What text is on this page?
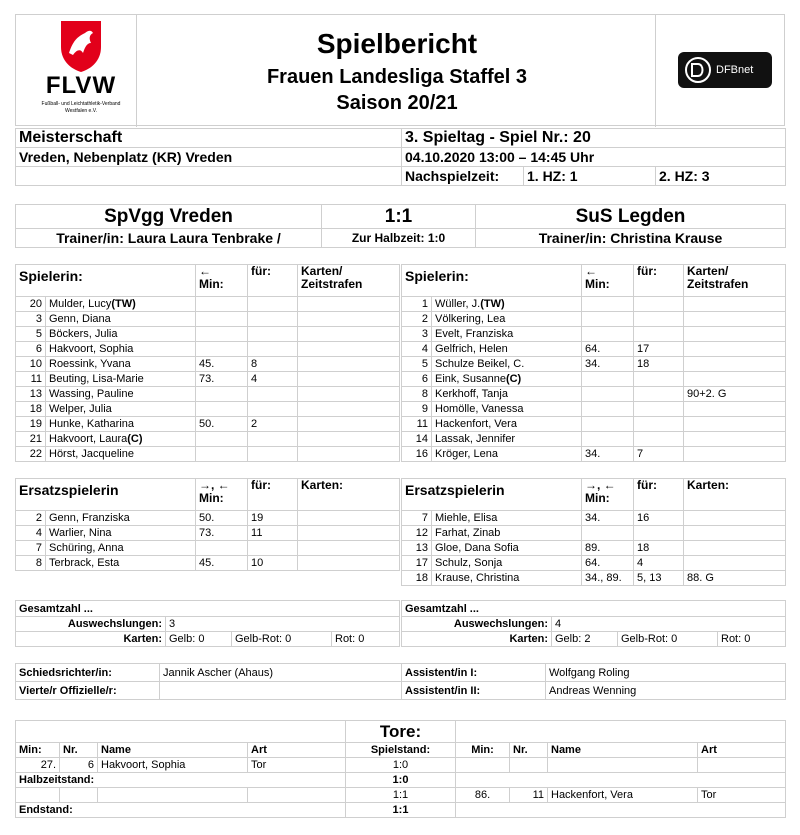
FLVW
Fußball- und Leichtathletik-Verband
Westfalen e.V.
Spielbericht
Frauen Landesliga Staffel 3
Saison 20/21
DFBnet
Meisterschaft	3. Spieltag - Spiel Nr.: 20		
Vreden, Nebenplatz (KR) Vreden	04.10.2020 13:00 – 14:45 Uhr		
	Nachspielzeit:	1. HZ: 1	2. HZ: 3
SpVgg Vreden	1:1	SuS Legden
Trainer/in: Laura Laura Tenbrake /	Zur Halbzeit: 1:0	Trainer/in: Christina Krause
Spielerin:		←
Min:	für:	Karten/
Zeitstrafen
20	Mulder, Lucy(TW)			
3	Genn, Diana			
5	Böckers, Julia			
6	Hakvoort, Sophia			
10	Roessink, Yvana	45.	8	
11	Beuting, Lisa-Marie	73.	4	
13	Wassing, Pauline			
18	Welper, Julia			
19	Hunke, Katharina	50.	2	
21	Hakvoort, Laura(C)			
22	Hörst, Jacqueline			
Spielerin:		←
Min:	für:	Karten/
Zeitstrafen
1	Wüller, J.(TW)			
2	Völkering, Lea			
3	Evelt, Franziska			
4	Gelfrich, Helen	64.	17	
5	Schulze Beikel, C.	34.	18	
6	Eink, Susanne(C)			
8	Kerkhoff, Tanja			90+2. G
9	Homölle, Vanessa			
11	Hackenfort, Vera			
14	Lassak, Jennifer			
16	Kröger, Lena	34.	7	
Ersatzspielerin		→, ←
Min:	für:	Karten:
2	Genn, Franziska	50.	19	
4	Warlier, Nina	73.	11	
7	Schüring, Anna			
8	Terbrack, Esta	45.	10	
Ersatzspielerin		→, ←
Min:	für:	Karten:
7	Miehle, Elisa	34.	16	
12	Farhat, Zinab			
13	Gloe, Dana Sofia	89.	18	
17	Schulz, Sonja	64.	4	
18	Krause, Christina	34., 89.	5, 13	88. G
Gesamtzahl ...			
Auswechslungen:	3		
Karten:	Gelb: 0	Gelb-Rot: 0	Rot: 0
Gesamtzahl ...			
Auswechslungen:	4		
Karten:	Gelb: 2	Gelb-Rot: 0	Rot: 0
Schiedsrichter/in:	Jannik Ascher (Ahaus)	Assistent/in I:	Wolfgang Roling
Vierte/r Offizielle/r:		Assistent/in II:	Andreas Wenning
				Tore:				
Min:	Nr.	Name	Art	Spielstand:	Min:	Nr.	Name	Art
27.	6	Hakvoort, Sophia	Tor	1:0				
Halbzeitstand:				1:0				
				1:1	86.	11	Hackenfort, Vera	Tor
Endstand:				1:1				
